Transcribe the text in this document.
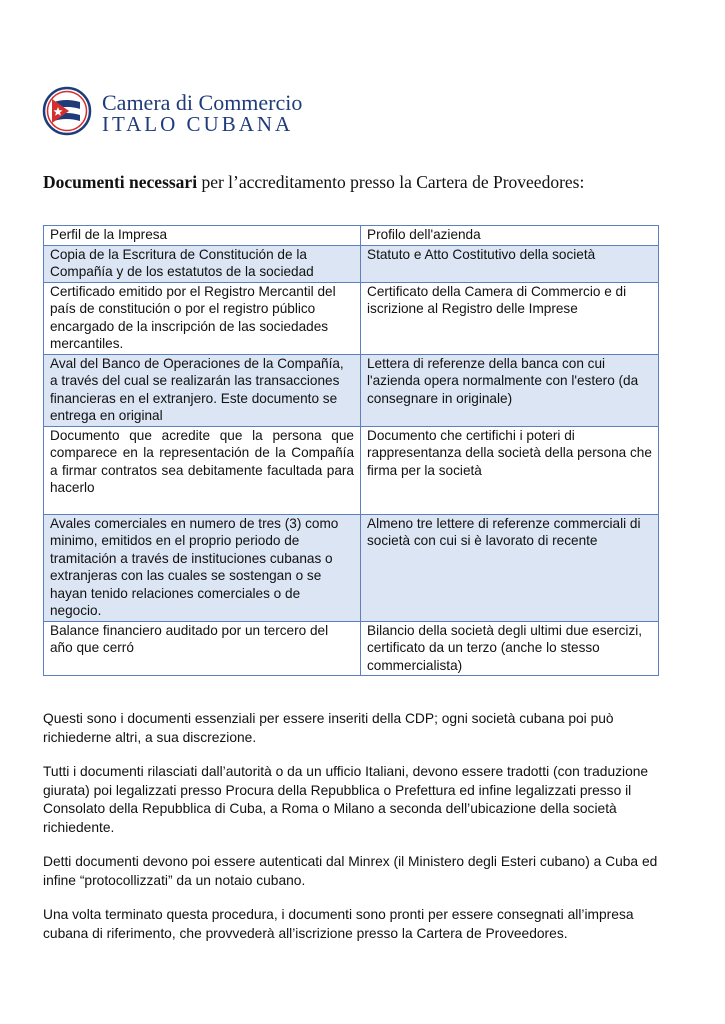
Camera di Commercio
ITALO CUBANA
Documenti necessari per l’accreditamento presso la Cartera de Proveedores:
Perfil de la Impresa	Profilo dell'azienda
Copia de la Escritura de Constitución de la Compañía y de los estatutos de la sociedad	Statuto e Atto Costitutivo della società
Certificado emitido por el Registro Mercantil del país de constitución o por el registro público encargado de la inscripción de las sociedades mercantiles.	Certificato della Camera di Commercio e di iscrizione al Registro delle Imprese
Aval del Banco de Operaciones de la Compañía, a través del cual se realizarán las transacciones financieras en el extranjero. Este documento se entrega en original	Lettera di referenze della banca con cui l'azienda opera normalmente con l'estero (da consegnare in originale)
Documento que acredite que la persona que comparece en la representación de la Compañía a firmar contratos sea debitamente facultada para hacerlo	Documento che certifichi i poteri di rappresentanza della società della persona che firma per la società
Avales comerciales en numero de tres (3) como minimo, emitidos en el proprio periodo de tramitación a través de instituciones cubanas o extranjeras con las cuales se sostengan o se hayan tenido relaciones comerciales o de negocio.	Almeno tre lettere di referenze commerciali di società con cui si è lavorato di recente
Balance financiero auditado por un tercero del año que cerró	Bilancio della società degli ultimi due esercizi, certificato da un terzo (anche lo stesso commercialista)

Questi sono i documenti essenziali per essere inseriti della CDP; ogni società cubana poi può richiederne altri, a sua discrezione.

Tutti i documenti rilasciati dall’autorità o da un ufficio Italiani, devono essere tradotti (con traduzione giurata) poi legalizzati presso Procura della Repubblica o Prefettura ed infine legalizzati presso il Consolato della Repubblica di Cuba, a Roma o Milano a seconda dell’ubicazione della società richiedente.

Detti documenti devono poi essere autenticati dal Minrex (il Ministero degli Esteri cubano) a Cuba ed infine “protocollizzati” da un notaio cubano.

Una volta terminato questa procedura, i documenti sono pronti per essere consegnati all’impresa cubana di riferimento, che provvederà all’iscrizione presso la Cartera de Proveedores.
